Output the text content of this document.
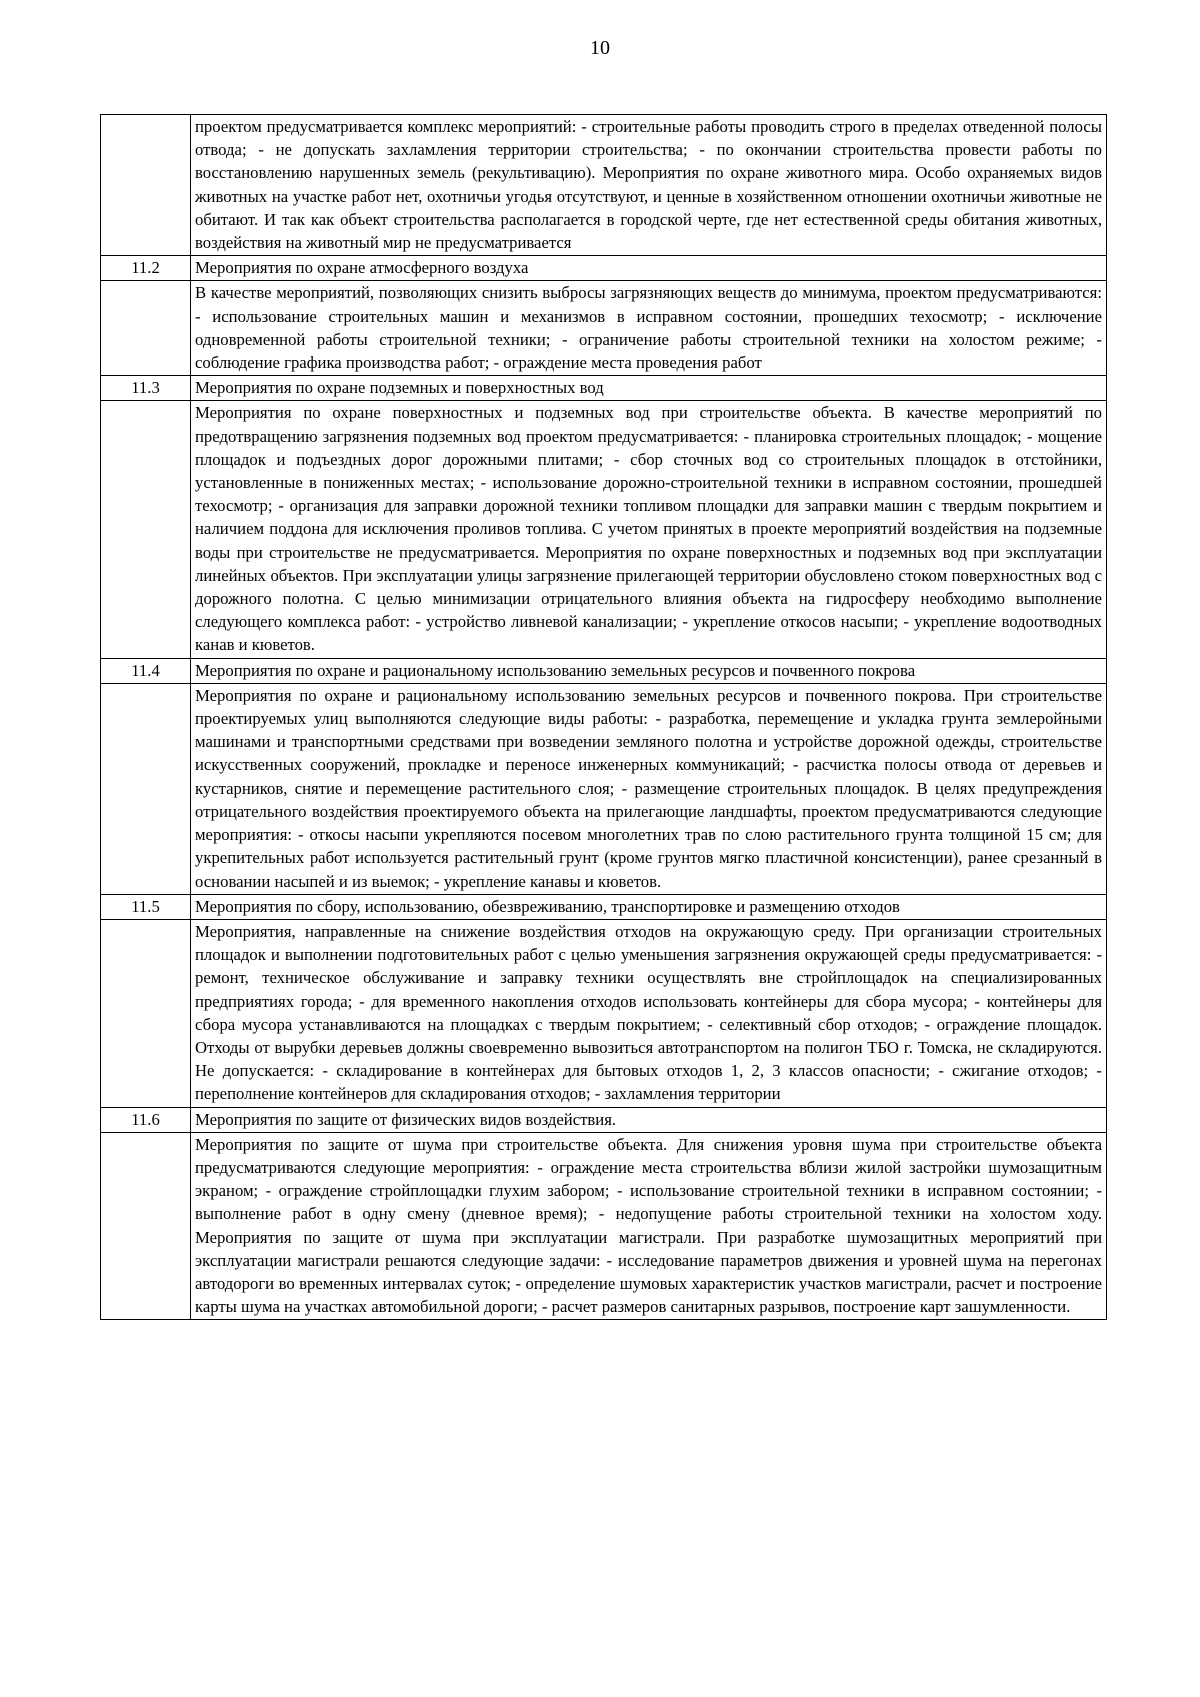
10
	проектом предусматривается комплекс мероприятий: - строительные работы проводить строго в пределах отведенной полосы отвода; - не допускать захламления территории строительства; - по окончании строительства провести работы по восстановлению нарушенных земель (рекультивацию). Мероприятия по охране животного мира. Особо охраняемых видов животных на участке работ нет, охотничьи угодья отсутствуют, и ценные в хозяйственном отношении охотничьи животные не обитают. И так как объект строительства располагается в городской черте, где нет естественной среды обитания животных, воздействия на животный мир не предусматривается
11.2	Мероприятия по охране атмосферного воздуха
	В качестве мероприятий, позволяющих снизить выбросы загрязняющих веществ до минимума, проектом предусматриваются: - использование строительных машин и механизмов в исправном состоянии, прошедших техосмотр; - исключение одновременной работы строительной техники; - ограничение работы строительной техники на холостом режиме; - соблюдение графика производства работ; - ограждение места проведения работ
11.3	Мероприятия по охране подземных и поверхностных вод
	Мероприятия по охране поверхностных и подземных вод при строительстве объекта. В качестве мероприятий по предотвращению загрязнения подземных вод проектом предусматривается: - планировка строительных площадок; - мощение площадок и подъездных дорог дорожными плитами; - сбор сточных вод со строительных площадок в отстойники, установленные в пониженных местах; - использование дорожно-строительной техники в исправном состоянии, прошедшей техосмотр; - организация для заправки дорожной техники топливом площадки для заправки машин с твердым покрытием и наличием поддона для исключения проливов топлива. С учетом принятых в проекте мероприятий воздействия на подземные воды при строительстве не предусматривается. Мероприятия по охране поверхностных и подземных вод при эксплуатации линейных объектов. При эксплуатации улицы загрязнение прилегающей территории обусловлено стоком поверхностных вод с дорожного полотна. С целью минимизации отрицательного влияния объекта на гидросферу необходимо выполнение следующего комплекса работ: - устройство ливневой канализации; - укрепление откосов насыпи; - укрепление водоотводных канав и кюветов.
11.4	Мероприятия по охране и рациональному использованию земельных ресурсов и почвенного покрова
	Мероприятия по охране и рациональному использованию земельных ресурсов и почвенного покрова. При строительстве проектируемых улиц выполняются следующие виды работы: - разработка, перемещение и укладка грунта землеройными машинами и транспортными средствами при возведении земляного полотна и устройстве дорожной одежды, строительстве искусственных сооружений, прокладке и переносе инженерных коммуникаций; - расчистка полосы отвода от деревьев и кустарников, снятие и перемещение растительного слоя; - размещение строительных площадок. В целях предупреждения отрицательного воздействия проектируемого объекта на прилегающие ландшафты, проектом предусматриваются следующие мероприятия: - откосы насыпи укрепляются посевом многолетних трав по слою растительного грунта толщиной 15 см; для укрепительных работ используется растительный грунт (кроме грунтов мягко пластичной консистенции), ранее срезанный в основании насыпей и из выемок; - укрепление канавы и кюветов.
11.5	Мероприятия по сбору, использованию, обезвреживанию, транспортировке и размещению отходов
	Мероприятия, направленные на снижение воздействия отходов на окружающую среду. При организации строительных площадок и выполнении подготовительных работ с целью уменьшения загрязнения окружающей среды предусматривается: - ремонт, техническое обслуживание и заправку техники осуществлять вне стройплощадок на специализированных предприятиях города; - для временного накопления отходов использовать контейнеры для сбора мусора; - контейнеры для сбора мусора устанавливаются на площадках с твердым покрытием; - селективный сбор отходов; - ограждение площадок. Отходы от вырубки деревьев должны своевременно вывозиться автотранспортом на полигон ТБО г. Томска, не складируются. Не допускается: - складирование в контейнерах для бытовых отходов 1, 2, 3 классов опасности; - сжигание отходов; - переполнение контейнеров для складирования отходов; - захламления территории
11.6	Мероприятия по защите от физических видов воздействия.
	Мероприятия по защите от шума при строительстве объекта. Для снижения уровня шума при строительстве объекта предусматриваются следующие мероприятия: - ограждение места строительства вблизи жилой застройки шумозащитным экраном; - ограждение стройплощадки глухим забором; - использование строительной техники в исправном состоянии; - выполнение работ в одну смену (дневное время); - недопущение работы строительной техники на холостом ходу. Мероприятия по защите от шума при эксплуатации магистрали. При разработке шумозащитных мероприятий при эксплуатации магистрали решаются следующие задачи: - исследование параметров движения и уровней шума на перегонах автодороги во временных интервалах суток; - определение шумовых характеристик участков магистрали, расчет и построение карты шума на участках автомобильной дороги; - расчет размеров санитарных разрывов, построение карт зашумленности.
